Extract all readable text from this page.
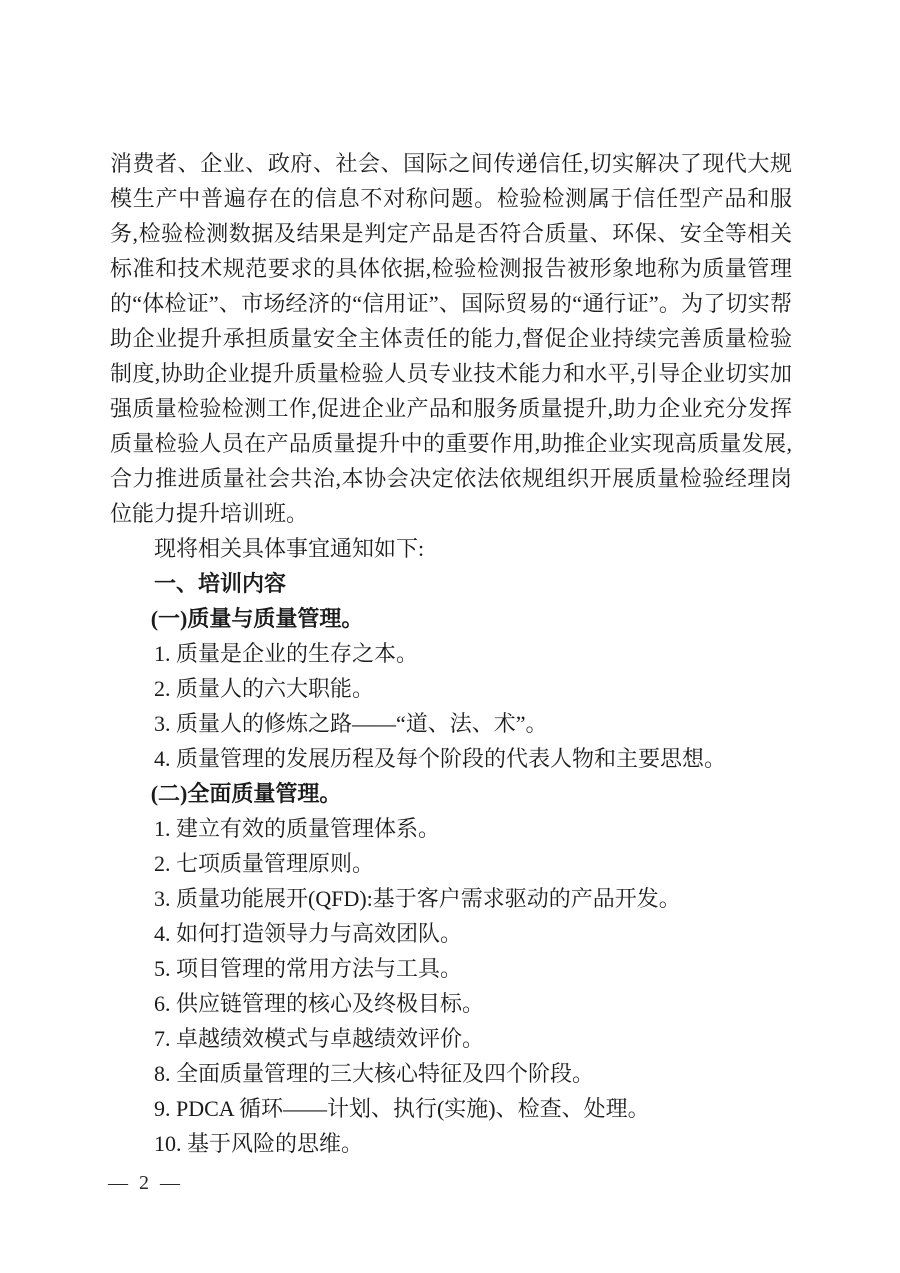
消费者、企业、政府、社会、国际之间传递信任,切实解决了现代大规模生产中普遍存在的信息不对称问题。检验检测属于信任型产品和服务,检验检测数据及结果是判定产品是否符合质量、环保、安全等相关标准和技术规范要求的具体依据,检验检测报告被形象地称为质量管理的“体检证”、市场经济的“信用证”、国际贸易的“通行证”。为了切实帮助企业提升承担质量安全主体责任的能力,督促企业持续完善质量检验制度,协助企业提升质量检验人员专业技术能力和水平,引导企业切实加强质量检验检测工作,促进企业产品和服务质量提升,助力企业充分发挥质量检验人员在产品质量提升中的重要作用,助推企业实现高质量发展,合力推进质量社会共治,本协会决定依法依规组织开展质量检验经理岗位能力提升培训班。
现将相关具体事宜通知如下:
一、培训内容
(一)质量与质量管理。
1. 质量是企业的生存之本。
2. 质量人的六大职能。
3. 质量人的修炼之路——“道、法、术”。
4. 质量管理的发展历程及每个阶段的代表人物和主要思想。
(二)全面质量管理。
1. 建立有效的质量管理体系。
2. 七项质量管理原则。
3. 质量功能展开(QFD):基于客户需求驱动的产品开发。
4. 如何打造领导力与高效团队。
5. 项目管理的常用方法与工具。
6. 供应链管理的核心及终极目标。
7. 卓越绩效模式与卓越绩效评价。
8. 全面质量管理的三大核心特征及四个阶段。
9. PDCA 循环——计划、执行(实施)、检查、处理。
10. 基于风险的思维。
— 2 —
